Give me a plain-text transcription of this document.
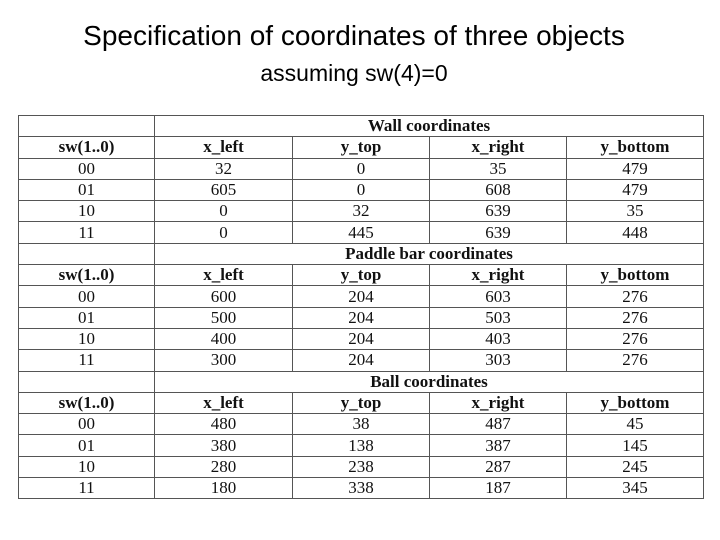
Specification of coordinates of three objects
assuming sw(4)=0
	Wall coordinates			
sw(1..0)	x_left	y_top	x_right	y_bottom
00	32	0	35	479
01	605	0	608	479
10	0	32	639	35
11	0	445	639	448
	Paddle bar coordinates			
sw(1..0)	x_left	y_top	x_right	y_bottom
00	600	204	603	276
01	500	204	503	276
10	400	204	403	276
11	300	204	303	276
	Ball coordinates			
sw(1..0)	x_left	y_top	x_right	y_bottom
00	480	38	487	45
01	380	138	387	145
10	280	238	287	245
11	180	338	187	345
